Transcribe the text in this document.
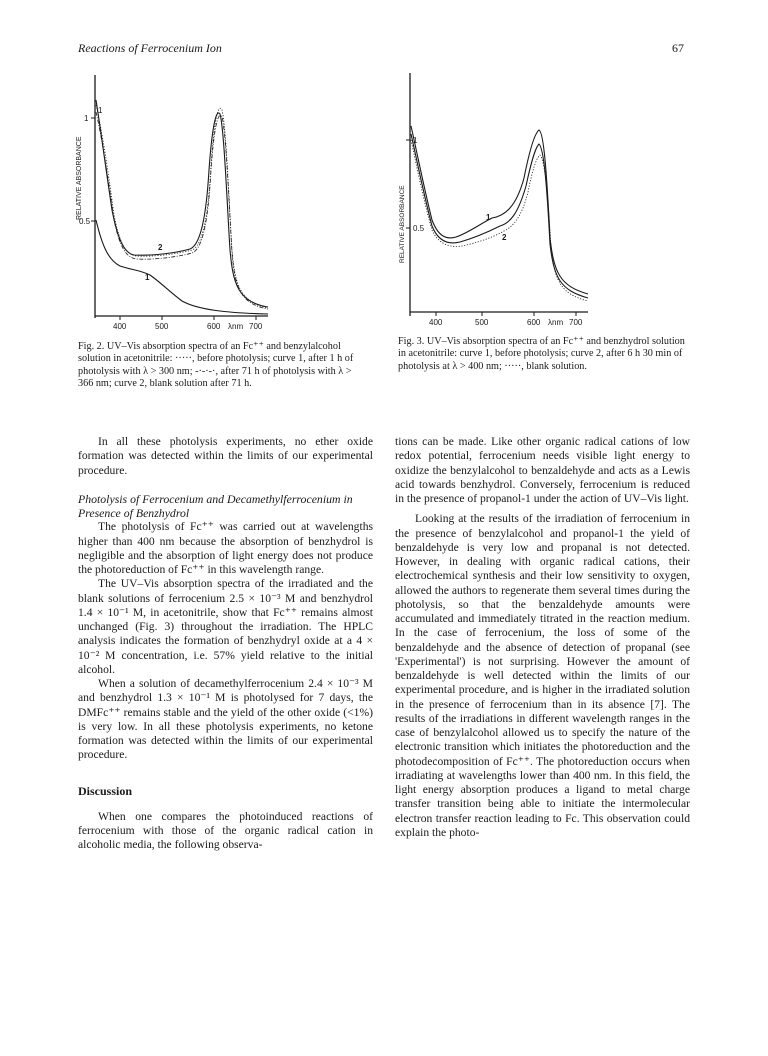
Reactions of Ferrocenium Ion	67
RELATIVE ABSORBANCE
1
0.5
400	500	600	700
λnm
1
2
1
Fig. 2. UV–Vis absorption spectra of an Fc⁺⁺ and benzylalcohol solution in acetonitrile: ·····, before photolysis; curve 1, after 1 h of photolysis with λ > 300 nm; -·-·-·, after 71 h of photolysis with λ > 366 nm; curve 2, blank solution after 71 h.
RELATIVE ABSORBANCE
1
0.5
400	500	600	700
λnm
1
2
Fig. 3. UV–Vis absorption spectra of an Fc⁺⁺ and benzhydrol solution in acetonitrile: curve 1, before photolysis; curve 2, after 6 h 30 min of photolysis at λ > 400 nm; ·····, blank solution.

In all these photolysis experiments, no ether oxide formation was detected within the limits of our experimental procedure.

Photolysis of Ferrocenium and Decamethylferrocenium in Presence of Benzhydrol

The photolysis of Fc⁺⁺ was carried out at wavelengths higher than 400 nm because the absorption of benzhydrol is negligible and the absorption of light energy does not produce the photoreduction of Fc⁺⁺ in this wavelength range.

The UV–Vis absorption spectra of the irradiated and the blank solutions of ferrocenium 2.5 × 10⁻³ M and benzhydrol 1.4 × 10⁻¹ M, in acetonitrile, show that Fc⁺⁺ remains almost unchanged (Fig. 3) throughout the irradiation. The HPLC analysis indicates the formation of benzhydryl oxide at a 4 × 10⁻² M concentration, i.e. 57% yield relative to the initial alcohol.

When a solution of decamethylferrocenium 2.4 × 10⁻³ M and benzhydrol 1.3 × 10⁻¹ M is photolysed for 7 days, the DMFc⁺⁺ remains stable and the yield of the other oxide (<1%) is very low. In all these photolysis experiments, no ketone formation was detected within the limits of our experimental procedure.

Discussion

When one compares the photoinduced reactions of ferrocenium with those of the organic radical cation in alcoholic media, the following observa-

tions can be made. Like other organic radical cations of low redox potential, ferrocenium needs visible light energy to oxidize the benzylalcohol to benzaldehyde and acts as a Lewis acid towards benzhydrol. Conversely, ferrocenium is reduced in the presence of propanol-1 under the action of UV–Vis light.

Looking at the results of the irradiation of ferrocenium in the presence of benzylalcohol and propanol-1 the yield of benzaldehyde is very low and propanal is not detected. However, in dealing with organic radical cations, their electrochemical synthesis and their low sensitivity to oxygen, allowed the authors to regenerate them several times during the photolysis, so that the benzaldehyde amounts were accumulated and immediately titrated in the reaction medium. In the case of ferrocenium, the loss of some of the benzaldehyde and the absence of detection of propanal (see 'Experimental') is not surprising. However the amount of benzaldehyde is well detected within the limits of our experimental procedure, and is higher in the irradiated solution in the presence of ferrocenium than in its absence [7]. The results of the irradiations in different wavelength ranges in the case of benzylalcohol allowed us to specify the nature of the electronic transition which initiates the photoreduction and the photodecomposition of Fc⁺⁺. The photoreduction occurs when irradiating at wavelengths lower than 400 nm. In this field, the light energy absorption produces a ligand to metal charge transfer transition being able to initiate the intermolecular electron transfer reaction leading to Fc. This observation could explain the photo-
